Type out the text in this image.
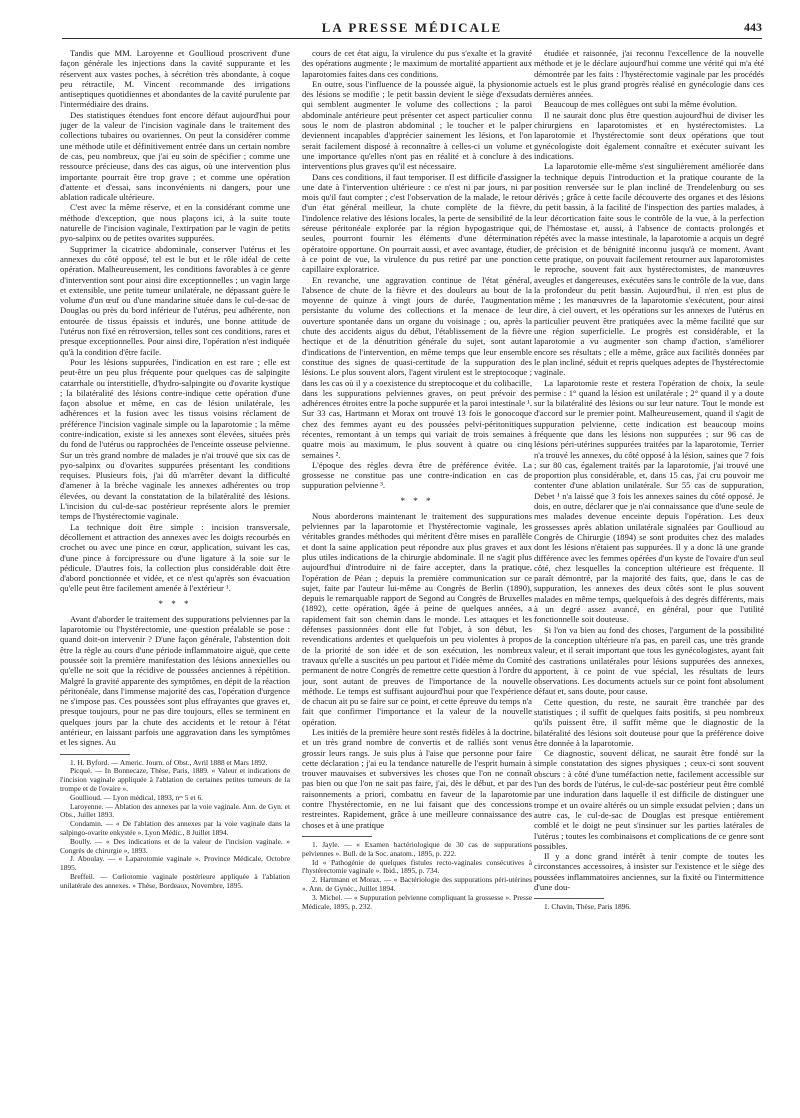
LA PRESSE MÉDICALE	443

Tandis que MM. Laroyenne et Goullioud proscrivent d'une façon générale les injections dans la cavité suppurante et les réservent aux vastes poches, à sécrétion très abondante, à coque peu rétractile, M. Vincent recommande des irrigations antiseptiques quotidiennes et abondantes de la cavité purulente par l'intermédiaire des drains.

Des statistiques étendues font encore défaut aujourd'hui pour juger de la valeur de l'incision vaginale dans le traitement des collections tubaires ou ovariennes. On peut la considérer comme une méthode utile et définitivement entrée dans un certain nombre de cas, peu nombreux, que j'ai eu soin de spécifier ; comme une ressource précieuse, dans des cas aigus, où une intervention plus importante pourrait être trop grave ; et comme une opération d'attente et d'essai, sans inconvénients ni dangers, pour une ablation radicale ultérieure.

C'est avec la même réserve, et en la considérant comme une méthode d'exception, que nous plaçons ici, à la suite toute naturelle de l'incision vaginale, l'extirpation par le vagin de petits pyo-salpinx ou de petites ovarites suppurées.

Supprimer la cicatrice abdominale, conserver l'utérus et les annexes du côté opposé, tel est le but et le rôle idéal de cette opération. Malheureusement, les conditions favorables à ce genre d'intervention sont pour ainsi dire exceptionnelles ; un vagin large et extensible, une petite tumeur unilatérale, ne dépassant guère le volume d'un œuf ou d'une mandarine située dans le cul-de-sac de Douglas ou près du bord inférieur de l'utérus, peu adhérente, non entourée de tissus épaissis et indurés, une bonne attitude de l'utérus non fixé en rétroversion, telles sont ces conditions, rares et presque exceptionnelles. Pour ainsi dire, l'opération n'est indiquée qu'à la condition d'être facile.

Pour les lésions suppurées, l'indication en est rare ; elle est peut-être un peu plus fréquente pour quelques cas de salpingite catarrhale ou interstitielle, d'hydro-salpingite ou d'ovarite kystique ; la bilatéralité des lésions contre-indique cette opération d'une façon absolue et même, en cas de lésion unilatérale, les adhérences et la fusion avec les tissus voisins réclament de préférence l'incision vaginale simple ou la laparotomie ; la même contre-indication, existe si les annexes sont élevées, situées près du fond de l'utérus ou rapprochées de l'enceinte osseuse pelvienne. Sur un très grand nombre de malades je n'ai trouvé que six cas de pyo-salpinx ou d'ovarites suppurées présentant les conditions requises. Plusieurs fois, j'ai dû m'arrêter devant la difficulté d'amener à la brèche vaginale les annexes adhérentes ou trop élevées, ou devant la constatation de la bilatéralité des lésions. L'incision du cul-de-sac postérieur représente alors le premier temps de l'hystérectomie vaginale.

La technique doit être simple : incision transversale, décollement et attraction des annexes avec les doigts recourbés en crochet ou avec une pince en cœur, application, suivant les cas, d'une pince à forcipressure ou d'une ligature à la soie sur le pédicule. D'autres fois, la collection plus considérable doit être d'abord ponctionnée et vidée, et ce n'est qu'après son évacuation qu'elle peut être facilement amenée à l'extérieur ¹.

* * *

Avant d'aborder le traitement des suppurations pelviennes par la laparotomie ou l'hystérectomie, une question préalable se pose : quand doit-on intervenir ? D'une façon générale, l'abstention doit être la règle au cours d'une période inflammatoire aiguë, que cette poussée soit la première manifestation des lésions annexielles ou qu'elle ne soit que la récidive de poussées anciennes à répétition. Malgré la gravité apparente des symptômes, en dépit de la réaction péritonéale, dans l'immense majorité des cas, l'opération d'urgence ne s'impose pas. Ces poussées sont plus effrayantes que graves et, presque toujours, pour ne pas dire toujours, elles se terminent en quelques jours par la chute des accidents et le retour à l'état antérieur, en laissant parfois une aggravation dans les symptômes et les signes. Au

1. H. Byford. — Americ. Journ. of Obst., Avril 1888 et Mars 1892.

Picqué. — In Bonnecaze, Thèse, Paris, 1889. « Valeur et indications de l'incision vaginale appliquée à l'ablation de certaines petites tumeurs de la trompe et de l'ovaire ».

Goullioud. — Lyon médical, 1893, nᵒˢ 5 et 6.

Laroyenne. — Ablation des annexes par la voie vaginale. Ann. de Gyn. et Obs., Juillet 1893.

Condamin. — « De l'ablation des annexes par la voie vaginale dans la salpingo-ovarite enkystée ». Lyon Médic., 8 Juillet 1894.

Boully. — « Des indications et de la valeur de l'incision vaginale. » Congrès de chirurgie », 1893.

J. Aboulay. — « Laparotomie vaginale ». Province Médicale, Octobre 1895.

Breffeil. — Cœliotomie vaginale postérieure appliquée à l'ablation unilatérale des annexes. » Thèse, Bordeaux, Novembre, 1895.

cours de cet état aigu, la virulence du pus s'exalte et la gravité des opérations augmente ; le maximum de mortalité appartient aux laparotomies faites dans ces conditions.

En outre, sous l'influence de la poussée aiguë, la physionomie des lésions se modifie ; le petit bassin devient le siège d'exsudats qui semblent augmenter le volume des collections ; la paroi abdominale antérieure peut présenter cet aspect particulier connu sous le nom de plastron abdominal ; le toucher et le palper deviennent incapables d'apprécier sainement les lésions, et l'on serait facilement disposé à reconnaître à celles-ci un volume et une importance qu'elles n'ont pas en réalité et à conclure à des interventions plus graves qu'il est nécessaire.

Dans ces conditions, il faut temporiser. Il est difficile d'assigner une date à l'intervention ultérieure : ce n'est ni par jours, ni par mois qu'il faut compter ; c'est l'observation de la malade, le retour d'un état général meilleur, la chute complète de la fièvre, l'indolence relative des lésions locales, la perte de sensibilité de la séreuse péritonéale explorée par la région hypogastrique qui, seules, pourront fournir les éléments d'une détermination opératoire opportune. On pourrait aussi, et avec avantage, étudier, à ce point de vue, la virulence du pus retiré par une ponction capillaire exploratrice.

En revanche, une aggravation continue de l'état général, l'absence de chute de la fièvre et des douleurs au bout de la moyenne de quinze à vingt jours de durée, l'augmentation persistante du volume des collections et la menace de leur ouverture spontanée dans un organe du voisinage ; ou, après la chute des accidents aigus du début, l'établissement de la fièvre hectique et de la dénutrition générale du sujet, sont autant d'indications de l'intervention, en même temps que leur ensemble constitue des signes de quasi-certitude de la suppuration des lésions. Le plus souvent alors, l'agent virulent est le streptocoque ; dans les cas où il y a coexistence du streptocoque et du colibacille, dans les suppurations pelviennes graves, on peut prévoir des adhérences étroites entre la poche suppurée et la paroi intestinale ¹. Sur 33 cas, Hartmann et Morax ont trouvé 13 fois le gonocoque chez des femmes ayant eu des poussées pelvi-péritonitiques récentes, remontant à un temps qui variait de trois semaines à quatre mois au maximum, le plus souvent à quatre ou cinq semaines ².

L'époque des règles devra être de préférence évitée. La grossesse ne constitue pas une contre-indication en cas de suppuration pelvienne ³.

* * *

Nous aborderons maintenant le traitement des suppurations pelviennes par la laparotomie et l'hystérectomie vaginale, les véritables grandes méthodes qui méritent d'être mises en parallèle et dont la saine application peut répondre aux plus graves et aux plus utiles indications de la chirurgie abdominale. Il ne s'agit plus aujourd'hui d'introduire ni de faire accepter, dans la pratique, l'opération de Péan ; depuis la première communication sur ce sujet, faite par l'auteur lui-même au Congrès de Berlin (1890), depuis le remarquable rapport de Segond au Congrès de Bruxelles (1892), cette opération, âgée à peine de quelques années, a rapidement fait son chemin dans le monde. Les attaques et les défenses passionnées dont elle fut l'objet, à son début, les revendications ardentes et quelquefois un peu violentes à propos de la priorité de son idée et de son exécution, les nombreux travaux qu'elle a suscités un peu partout et l'idée même du Comité permanent de notre Congrès de remettre cette question à l'ordre du jour, sont autant de preuves de l'importance de la nouvelle méthode. Le temps est suffisant aujourd'hui pour que l'expérience de chacun ait pu se faire sur ce point, et cette épreuve du temps n'a fait que confirmer l'importance et la valeur de la nouvelle opération.

Les initiés de la première heure sont restés fidèles à la doctrine, et un très grand nombre de convertis et de ralliés sont venus grossir leurs rangs. Je suis plus à l'aise que personne pour faire cette déclaration ; j'ai eu la tendance naturelle de l'esprit humain à trouver mauvaises et subversives les choses que l'on ne connaît pas bien ou que l'on ne sait pas faire, j'ai, dès le début, et par des raisonnements a priori, combattu en faveur de la laparotomie contre l'hystérectomie, en ne lui faisant que des concessions restreintes. Rapidement, grâce à une meilleure connaissance des choses et à une pratique

1. Jayle. — « Examen bactériologique de 30 cas de suppurations pelviennes ». Bull. de la Soc. anatom., 1895, p. 222.

Id « Pathogénie de quelques fistules recto-vaginales consécutives à l'hystérectomie vaginale ». Ibid., 1895, p. 734.

2. Hartmann et Morax. — « Bactériologie des suppurations péri-utérines ». Ann. de Gynéc., Juillet 1894.

3. Michel. — « Suppuration pelvienne compliquant la grossesse ». Presse Médicale, 1895, p. 232.

étudiée et raisonnée, j'ai reconnu l'excellence de la nouvelle méthode et je le déclare aujourd'hui comme une vérité qui m'a été démontrée par les faits : l'hystérectomie vaginale par les procédés actuels est le plus grand progrès réalisé en gynécologie dans ces dernières années.

Beaucoup de mes collègues ont subi la même évolution.

Il ne saurait donc plus être question aujourd'hui de diviser les chirurgiens en laparotomistes et en hystérectomistes. La laparotomie et l'hystérectomie sont deux opérations que tout gynécologiste doit également connaître et exécuter suivant les indications.

La laparotomie elle-même s'est singulièrement améliorée dans la technique depuis l'introduction et la pratique courante de la position renversée sur le plan incliné de Trendelenburg ou ses dérivés ; grâce à cette facile découverte des organes et des lésions du petit bassin, à la facilité de l'inspection des parties malades, à leur décortication faite sous le contrôle de la vue, à la perfection de l'hémostase et, aussi, à l'absence de contacts prolongés et répétés avec la masse intestinale, la laparotomie a acquis un degré de précision et de bénignité inconnu jusqu'à ce moment. Avant cette pratique, on pouvait facilement retourner aux laparotomistes le reproche, souvent fait aux hystérectomistes, de manœuvres aveugles et dangereuses, exécutées sans le contrôle de la vue, dans la profondeur du petit bassin. Aujourd'hui, il n'en est plus de même ; les manœuvres de la laparotomie s'exécutent, pour ainsi dire, à ciel ouvert, et les opérations sur les annexes de l'utérus en particulier peuvent être pratiquées avec la même facilité que sur une région superficielle. Le progrès est considérable, et la laparotomie a vu augmenter son champ d'action, s'améliorer encore ses résultats ; elle a même, grâce aux facilités données par le plan incliné, séduit et repris quelques adeptes de l'hystérectomie vaginale.

La laparotomie reste et restera l'opération de choix, la seule permise : 1° quand la lésion est unilatérale ; 2° quand il y a doute sur la bilatéralité des lésions ou sur leur nature. Tout le monde est d'accord sur le premier point. Malheureusement, quand il s'agit de suppuration pelvienne, cette indication est beaucoup moins fréquente que dans les lésions non suppurées ; sur 96 cas de lésions péri-utérines suppurées traitées par la laparotomie, Terrier n'a trouvé les annexes, du côté opposé à la lésion, saines que 7 fois ; sur 80 cas, également traités par la laparotomie, j'ai trouvé une proportion plus considérable, et, dans 15 cas, j'ai cru pouvoir me contenter d'une ablation unilatérale. Sur 55 cas de suppuration, Debet ¹ n'a laissé que 3 fois les annexes saines du côté opposé. Je dois, en outre, déclarer que je n'ai connaissance que d'une seule de mes malades devenue enceinte depuis l'opération. Les deux grossesses après ablation unilatérale signalées par Goullioud au Congrès de Chirurgie (1894) se sont produites chez des malades dont les lésions n'étaient pas suppurées. Il y a donc là une grande différence avec les femmes opérées d'un kyste de l'ovaire d'un seul côté, chez lesquelles la conception ultérieure est fréquente. Il paraît démontré, par la majorité des faits, que, dans le cas de suppuration, les annexes des deux côtés sont le plus souvent malades en même temps, quelquefois à des degrés différents, mais à un degré assez avancé, en général, pour que l'utilité fonctionnelle soit douteuse.

Si l'on va bien au fond des choses, l'argument de la possibilité de la conception ultérieure n'a pas, en pareil cas, une très grande valeur, et il serait important que tous les gynécologistes, ayant fait des castrations unilatérales pour lésions suppurées des annexes, apportent, à ce point de vue spécial, les résultats de leurs observations. Les documents actuels sur ce point font absolument défaut et, sans doute, pour cause.

Cette question, du reste, ne saurait être tranchée par des statistiques ; il suffit de quelques faits positifs, si peu nombreux qu'ils puissent être, il suffit même que le diagnostic de la bilatéralité des lésions soit douteuse pour que la préférence doive être donnée à la laparotomie.

Ce diagnostic, souvent délicat, ne saurait être fondé sur la simple constatation des signes physiques ; ceux-ci sont souvent obscurs : à côté d'une tuméfaction nette, facilement accessible sur l'un des bords de l'utérus, le cul-de-sac postérieur peut être comblé par une induration dans laquelle il est difficile de distinguer une trompe et un ovaire altérés ou un simple exsudat pelvien ; dans un autre cas, le cul-de-sac de Douglas est presque entièrement comblé et le doigt ne peut s'insinuer sur les parties latérales de l'utérus ; toutes les combinaisons et complications de ce genre sont possibles.

Il y a donc grand intérêt à tenir compte de toutes les circonstances accessoires, à insister sur l'existence et le siège des poussées inflammatoires anciennes, sur la fixité ou l'intermittence d'une dou-

1. Chavin, Thèse, Paris 1896.
